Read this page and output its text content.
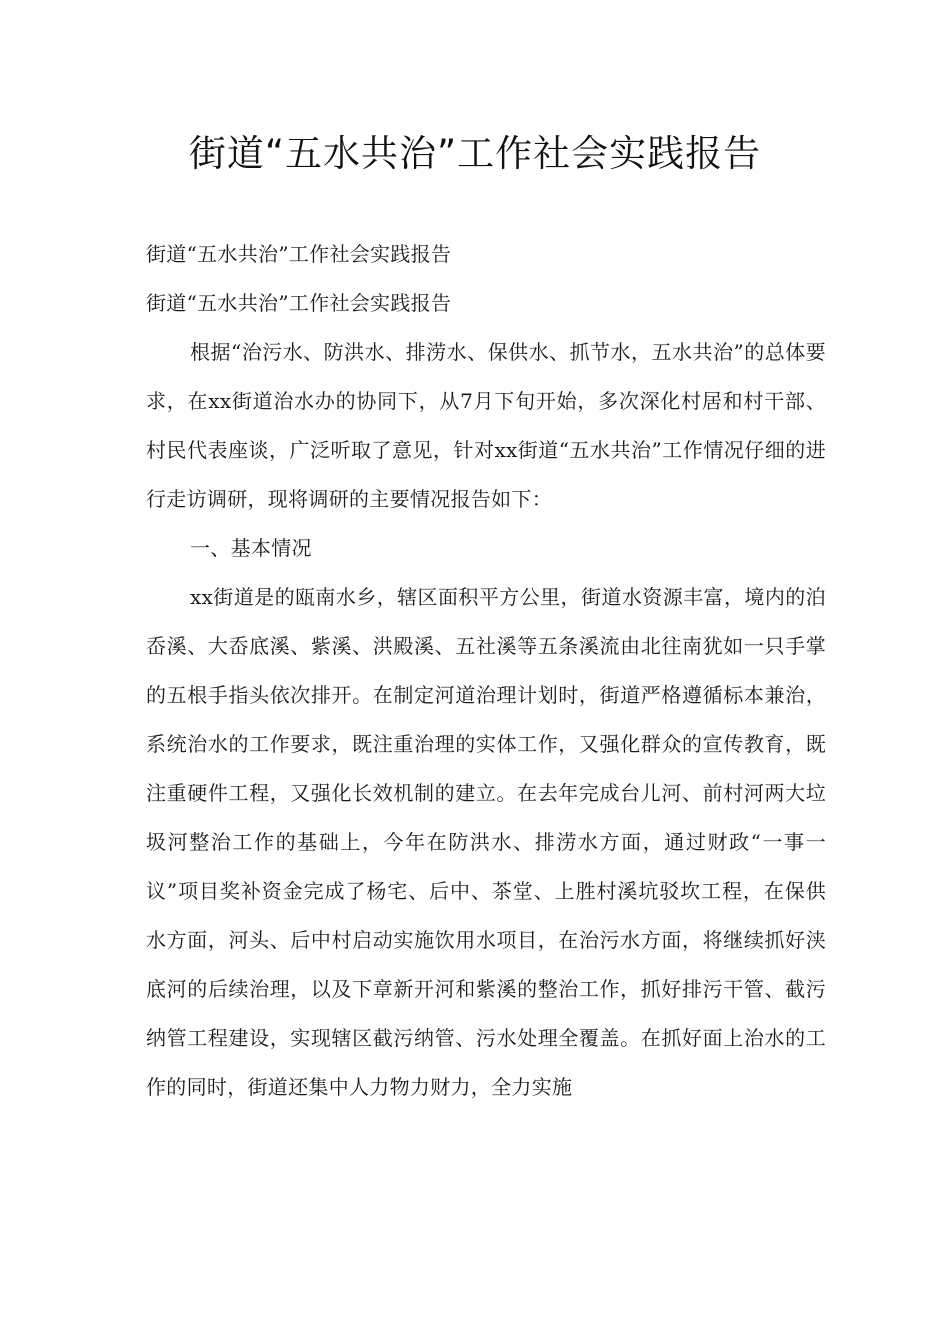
街道“五水共治”工作社会实践报告

街道“五水共治”工作社会实践报告

街道“五水共治”工作社会实践报告

根据“治污水、防洪水、排涝水、保供水、抓节水，五水共治”的总体要求，在xx街道治水办的协同下，从7月下旬开始，多次深化村居和村干部、村民代表座谈，广泛听取了意见，针对xx街道“五水共治”工作情况仔细的进行走访调研，现将调研的主要情况报告如下：

一、基本情况

xx街道是的瓯南水乡，辖区面积平方公里，街道水资源丰富，境内的泊岙溪、大岙底溪、紫溪、洪殿溪、五社溪等五条溪流由北往南犹如一只手掌的五根手指头依次排开。在制定河道治理计划时，街道严格遵循标本兼治，系统治水的工作要求，既注重治理的实体工作，又强化群众的宣传教育，既注重硬件工程，又强化长效机制的建立。在去年完成台儿河、前村河两大垃圾河整治工作的基础上，今年在防洪水、排涝水方面，通过财政“一事一议”项目奖补资金完成了杨宅、后中、茶堂、上胜村溪坑驳坎工程，在保供水方面，河头、后中村启动实施饮用水项目，在治污水方面，将继续抓好浃底河的后续治理，以及下章新开河和紫溪的整治工作，抓好排污干管、截污纳管工程建设，实现辖区截污纳管、污水处理全覆盖。在抓好面上治水的工作的同时，街道还集中人力物力财力，全力实施
